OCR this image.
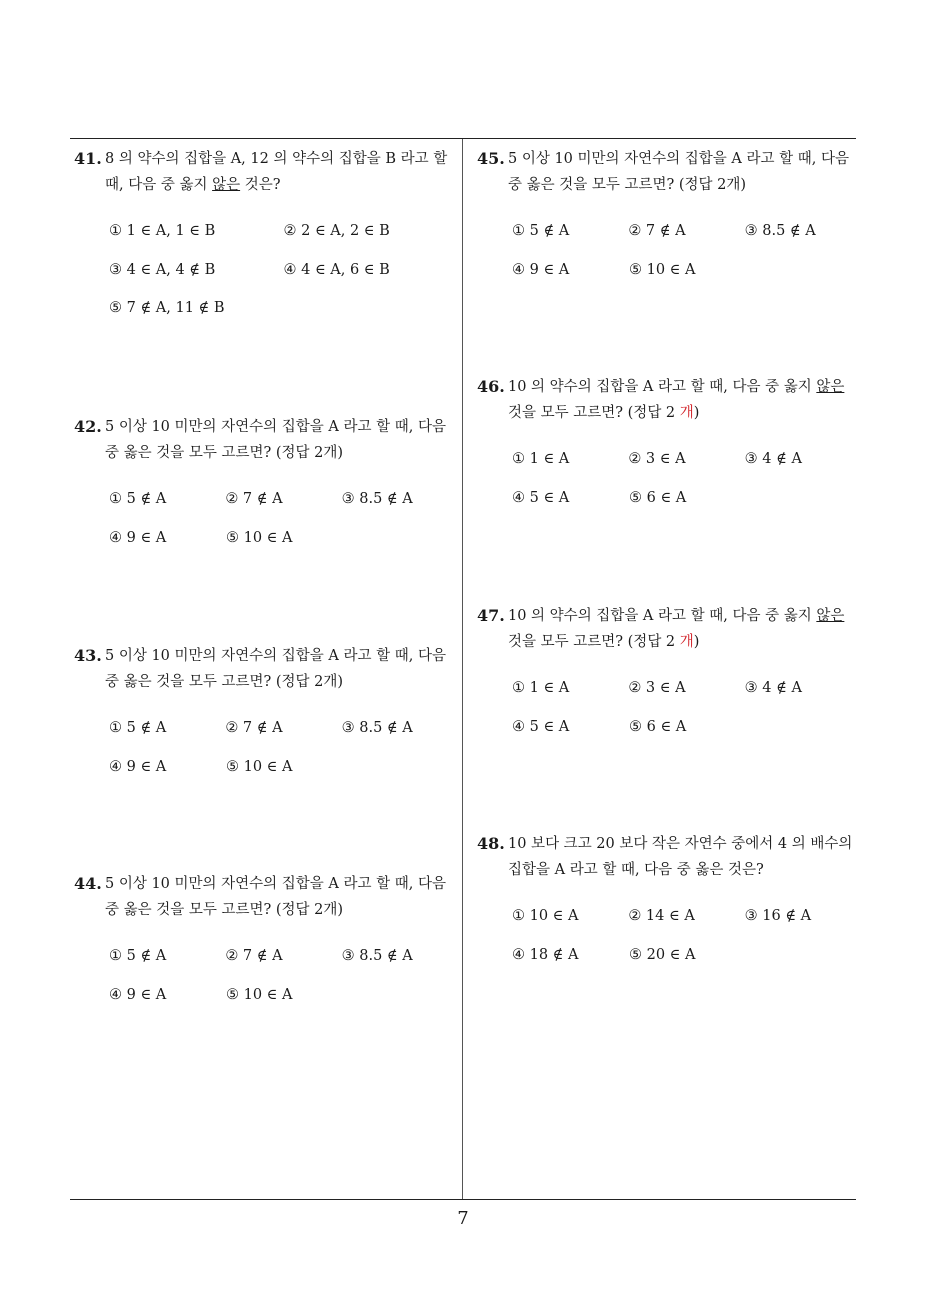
41. 8 의 약수의 집합을 A, 12 의 약수의 집합을 B 라고 할 때, 다음 중 옳지 않은 것은?
① 1 ∈ A, 1 ∈ B	② 2 ∈ A, 2 ∈ B
③ 4 ∈ A, 4 ∉ B	④ 4 ∈ A, 6 ∈ B
⑤ 7 ∉ A, 11 ∉ B
42. 5 이상 10 미만의 자연수의 집합을 A 라고 할 때, 다음 중 옳은 것을 모두 고르면? (정답 2개)
① 5 ∉ A	② 7 ∉ A	③ 8.5 ∉ A
④ 9 ∈ A	⑤ 10 ∈ A
43. 5 이상 10 미만의 자연수의 집합을 A 라고 할 때, 다음 중 옳은 것을 모두 고르면? (정답 2개)
① 5 ∉ A	② 7 ∉ A	③ 8.5 ∉ A
④ 9 ∈ A	⑤ 10 ∈ A
44. 5 이상 10 미만의 자연수의 집합을 A 라고 할 때, 다음 중 옳은 것을 모두 고르면? (정답 2개)
① 5 ∉ A	② 7 ∉ A	③ 8.5 ∉ A
④ 9 ∈ A	⑤ 10 ∈ A
45. 5 이상 10 미만의 자연수의 집합을 A 라고 할 때, 다음 중 옳은 것을 모두 고르면? (정답 2개)
① 5 ∉ A	② 7 ∉ A	③ 8.5 ∉ A
④ 9 ∈ A	⑤ 10 ∈ A
46. 10 의 약수의 집합을 A 라고 할 때, 다음 중 옳지 않은 것을 모두 고르면? (정답 2 개)
① 1 ∈ A	② 3 ∈ A	③ 4 ∉ A
④ 5 ∈ A	⑤ 6 ∈ A
47. 10 의 약수의 집합을 A 라고 할 때, 다음 중 옳지 않은 것을 모두 고르면? (정답 2 개)
① 1 ∈ A	② 3 ∈ A	③ 4 ∉ A
④ 5 ∈ A	⑤ 6 ∈ A
48. 10 보다 크고 20 보다 작은 자연수 중에서 4 의 배수의 집합을 A 라고 할 때, 다음 중 옳은 것은?
① 10 ∈ A	② 14 ∈ A	③ 16 ∉ A
④ 18 ∉ A	⑤ 20 ∈ A
7
